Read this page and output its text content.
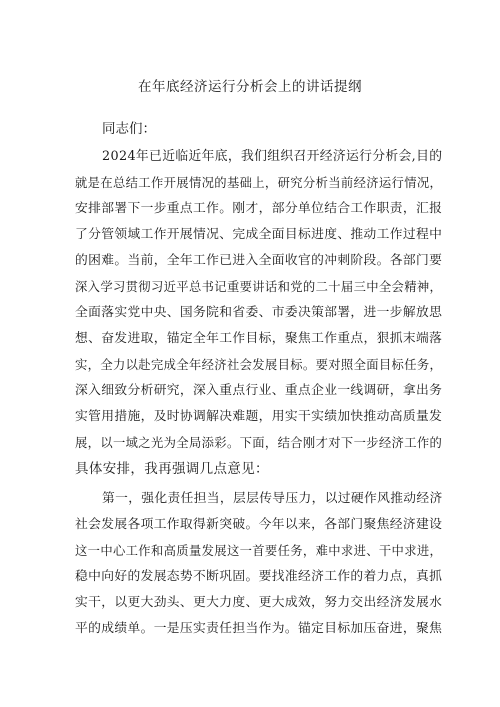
在年底经济运行分析会上的讲话提纲
同志们：
2024年已近临近年底，我们组织召开经济运行分析会,目的
就是在总结工作开展情况的基础上，研究分析当前经济运行情况，
安排部署下一步重点工作。刚才，部分单位结合工作职责，汇报
了分管领域工作开展情况、完成全面目标进度、推动工作过程中
的困难。当前，全年工作已进入全面收官的冲刺阶段。各部门要
深入学习贯彻习近平总书记重要讲话和党的二十届三中全会精神，
全面落实党中央、国务院和省委、市委决策部署，进一步解放思
想、奋发进取，锚定全年工作目标，聚焦工作重点，狠抓末端落
实，全力以赴完成全年经济社会发展目标。要对照全面目标任务，
深入细致分析研究，深入重点行业、重点企业一线调研，拿出务
实管用措施，及时协调解决难题，用实干实绩加快推动高质量发
展，以一域之光为全局添彩。下面，结合刚才对下一步经济工作的
具体安排，我再强调几点意见：
第一，强化责任担当，层层传导压力，以过硬作风推动经济
社会发展各项工作取得新突破。今年以来，各部门聚焦经济建设
这一中心工作和高质量发展这一首要任务，难中求进、干中求进，
稳中向好的发展态势不断巩固。要找准经济工作的着力点，真抓
实干，以更大劲头、更大力度、更大成效，努力交出经济发展水
平的成绩单。一是压实责任担当作为。锚定目标加压奋进，聚焦
